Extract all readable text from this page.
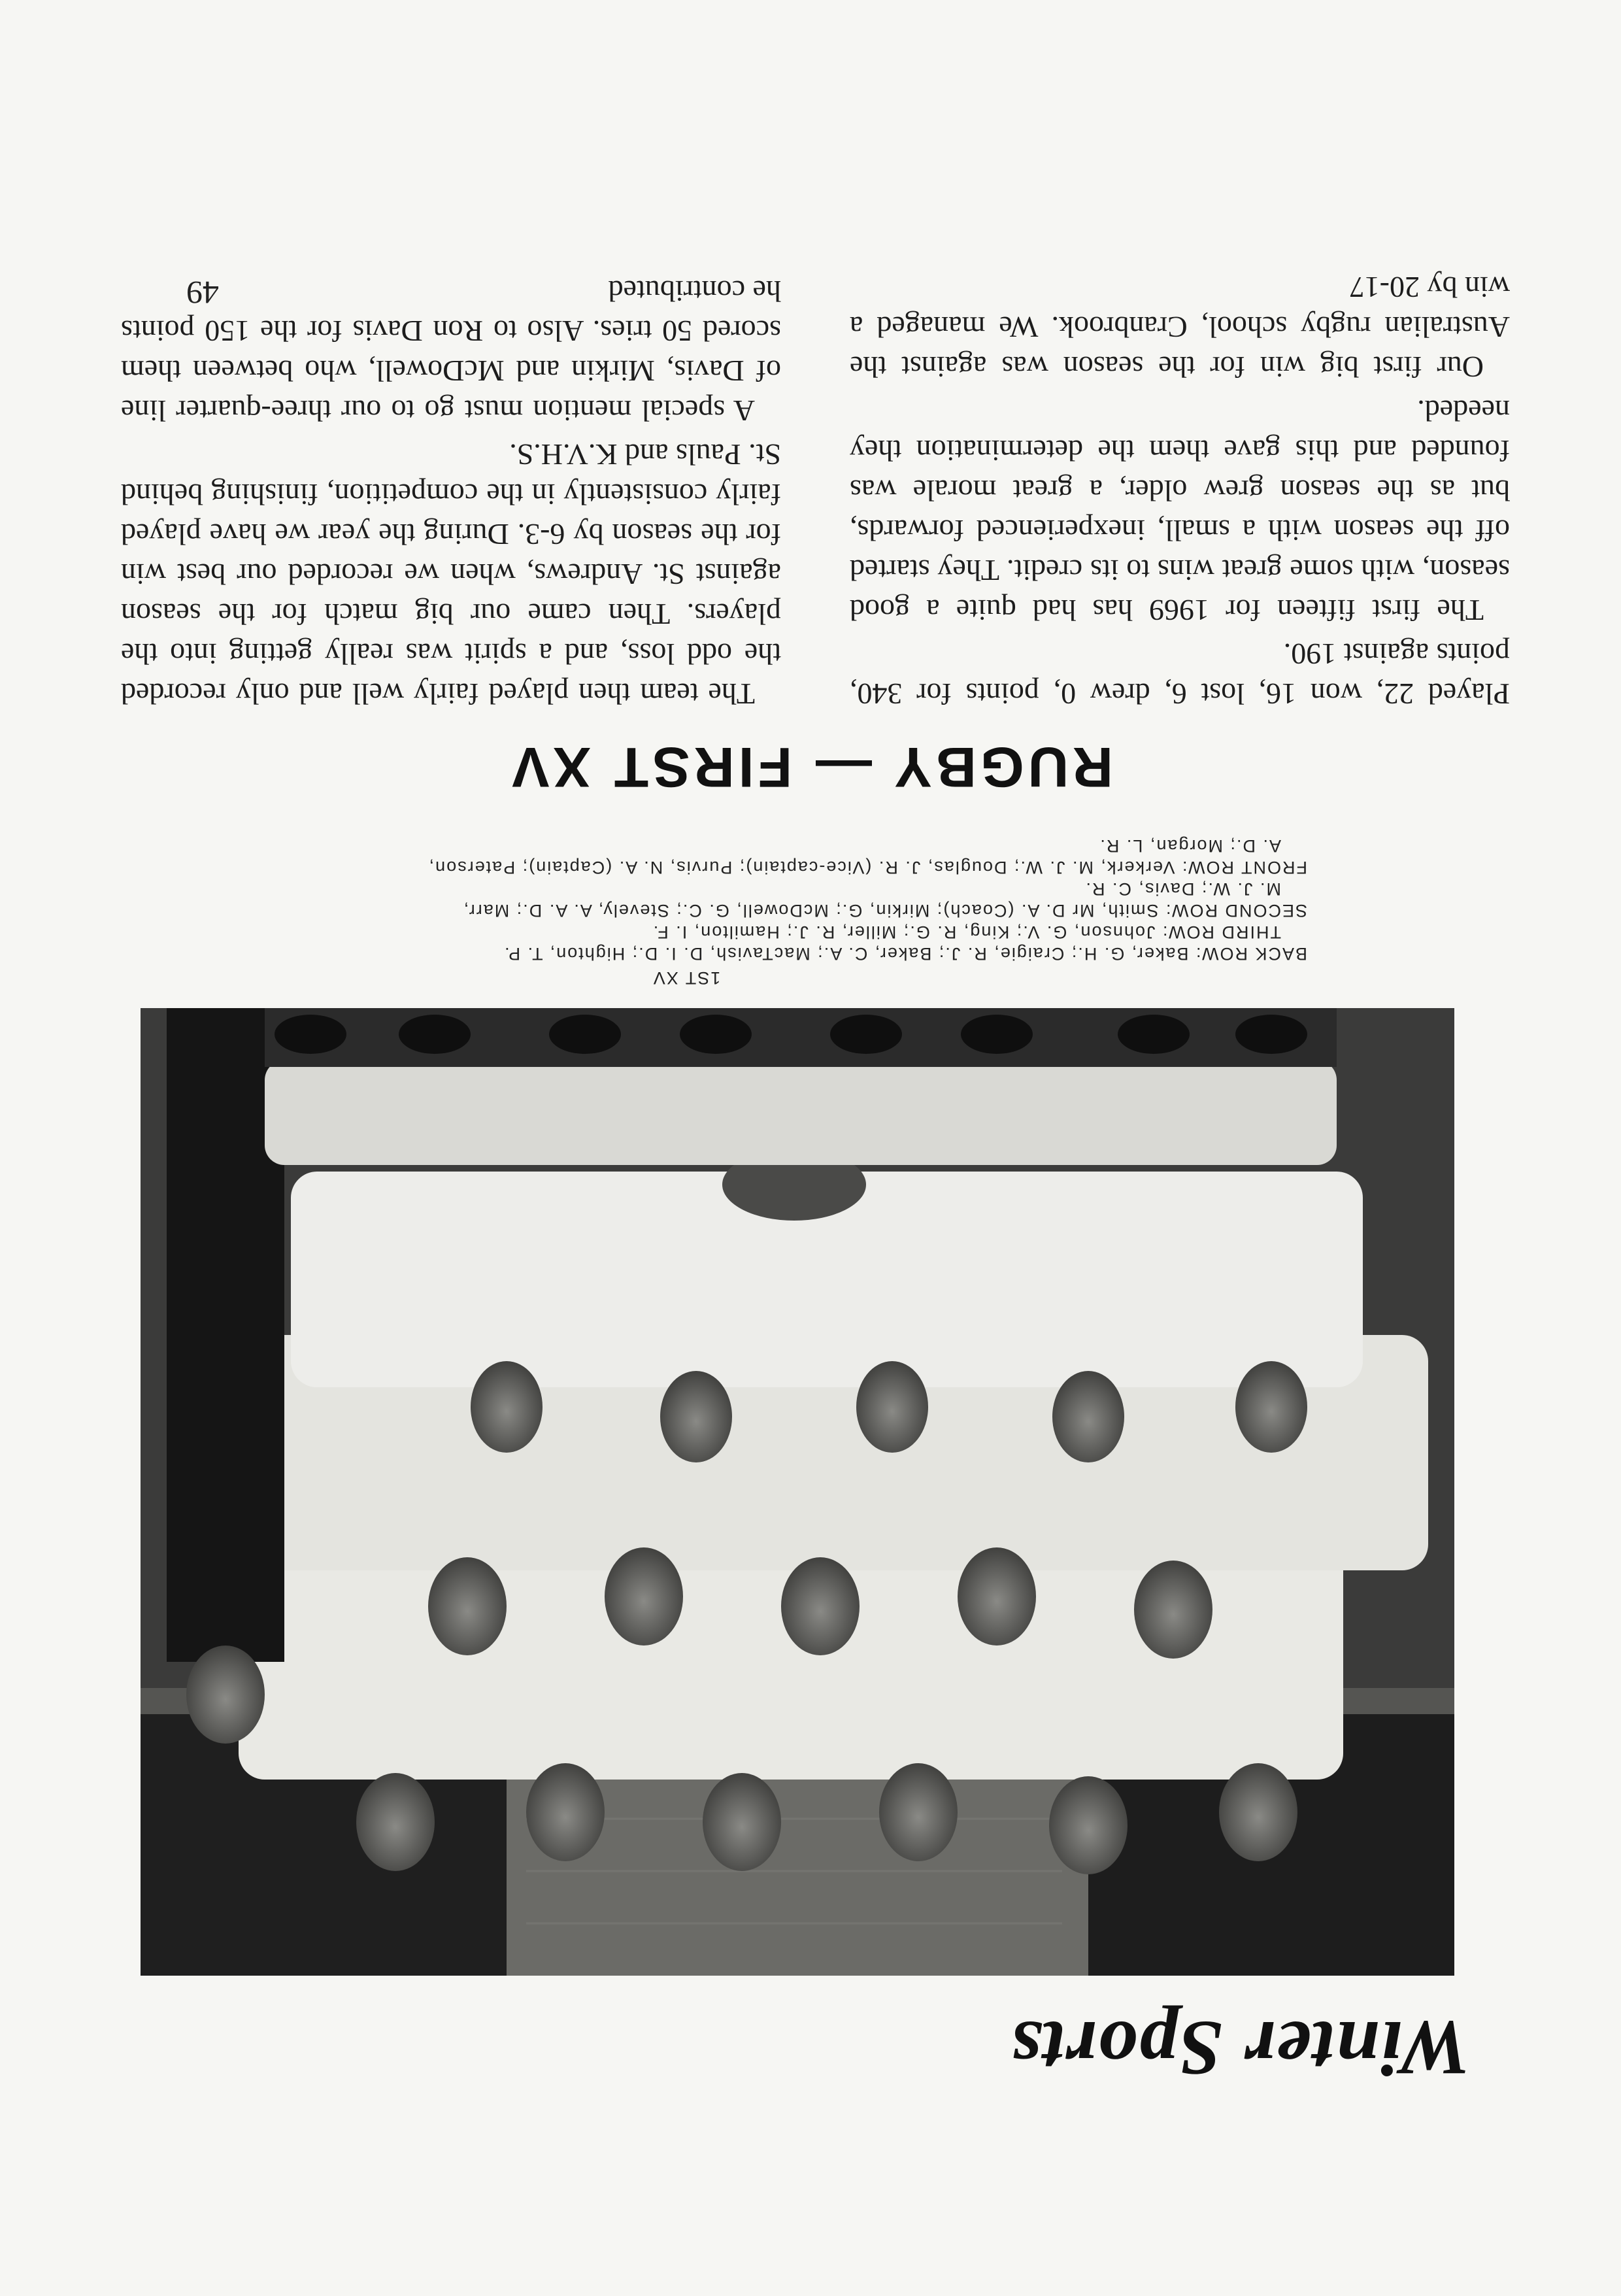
Winter Sports
1ST XV
BACK ROW: Baker, G. H.; Craigie, R. J.; Baker, C. A.; MacTavish, D. I. D.; Highton, T. P.
THIRD ROW: Johnson, G. V.; King, R. G.; Miller, R. J.; Hamilton, I. F.
SECOND ROW: Smith, Mr D. A. (Coach); Mirkin, G.; McDowell, G. C.; Stevely, A. A. D.; Marr,
M. J. W.; Davis, C. R.
FRONT ROW: Verkerk, M. J. W.; Douglas, J. R. (Vice-captain); Purvis, N. A. (Captain); Paterson,
A. D.; Morgan, L. R.
RUGBY — FIRST XV

Played 22, won 16, lost 6, drew 0, points for 340, points against 190.

The first fifteen for 1969 has had quite a good season, with some great wins to its credit. They started off the season with a small, inexperienced forwards, but as the season grew older, a great morale was founded and this gave them the determination they needed.

Our first big win for the season was against the Australian rugby school, Cranbrook. We managed a win by 20-17

The team then played fairly well and only recorded the odd loss, and a spirit was really getting into the players. Then came our big match for the season against St. Andrews, when we recorded our best win for the season by 6-3. During the year we have played fairly consistently in the competition, finishing behind St. Pauls and K.V.H.S.

A special mention must go to our three-quarter line of Davis, Mirkin and McDowell, who between them scored 50 tries. Also to Ron Davis for the 150 points he contributed

49
